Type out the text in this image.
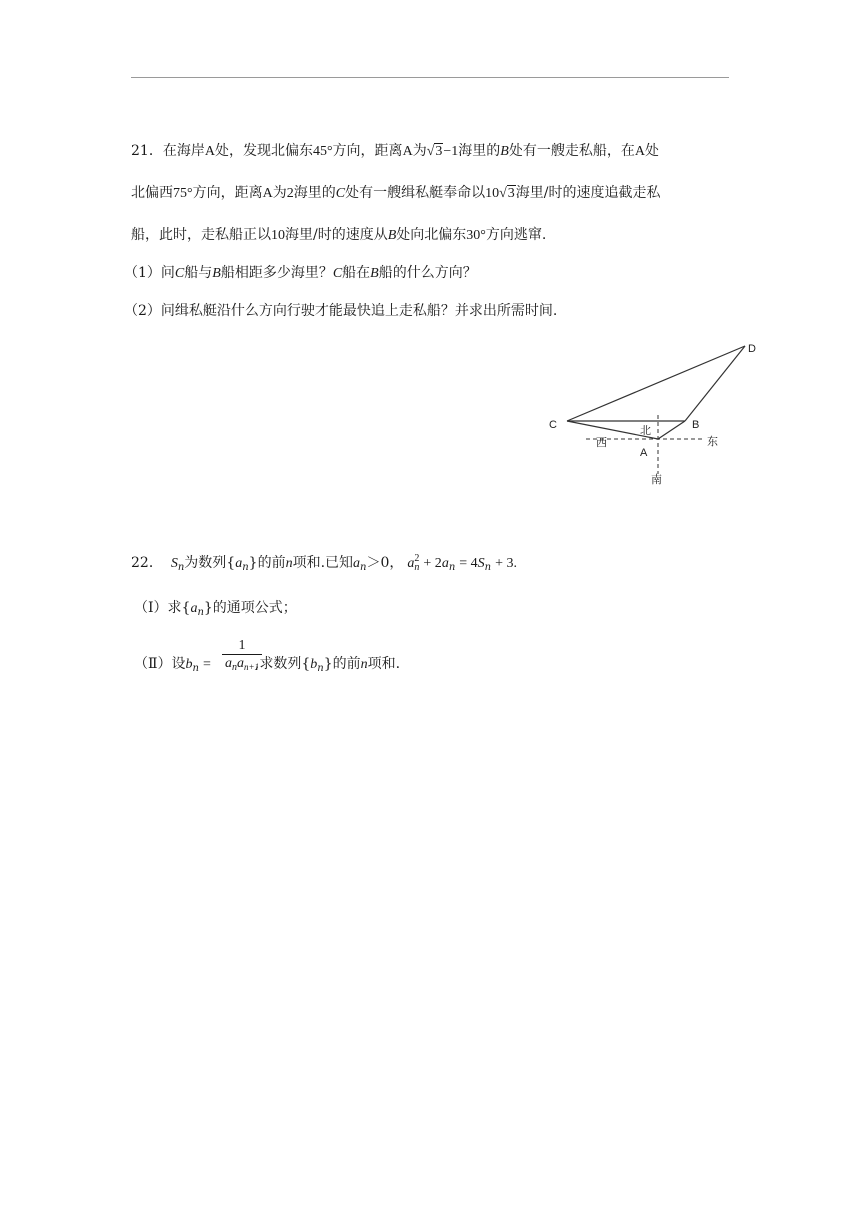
21．在海岸A处，发现北偏东45°方向，距离A为√3−1海里的B处有一艘走私船，在A处
北偏西75°方向，距离A为2海里的C处有一艘缉私艇奉命以10√3海里/时的速度追截走私
船，此时，走私船正以10海里/时的速度从B处向北偏东30°方向逃窜.
（1）问C船与B船相距多少海里？C船在B船的什么方向？
（2）问缉私艇沿什么方向行驶才能最快追上走私船？并求出所需时间.
D
C	B
北
西	东
A
南
22． $S_n$为数列$\{a_n\}$的前n项和.已知$a_n>0$， a 2
$n + 2a_n = 4S_n + 3$.
（Ⅰ）求$\{a_n\}$的通项公式；
（Ⅱ）设$b_n$ =	,求数列$\{b_n\}$的前n项和.
1
$a_na_{n+1}$
